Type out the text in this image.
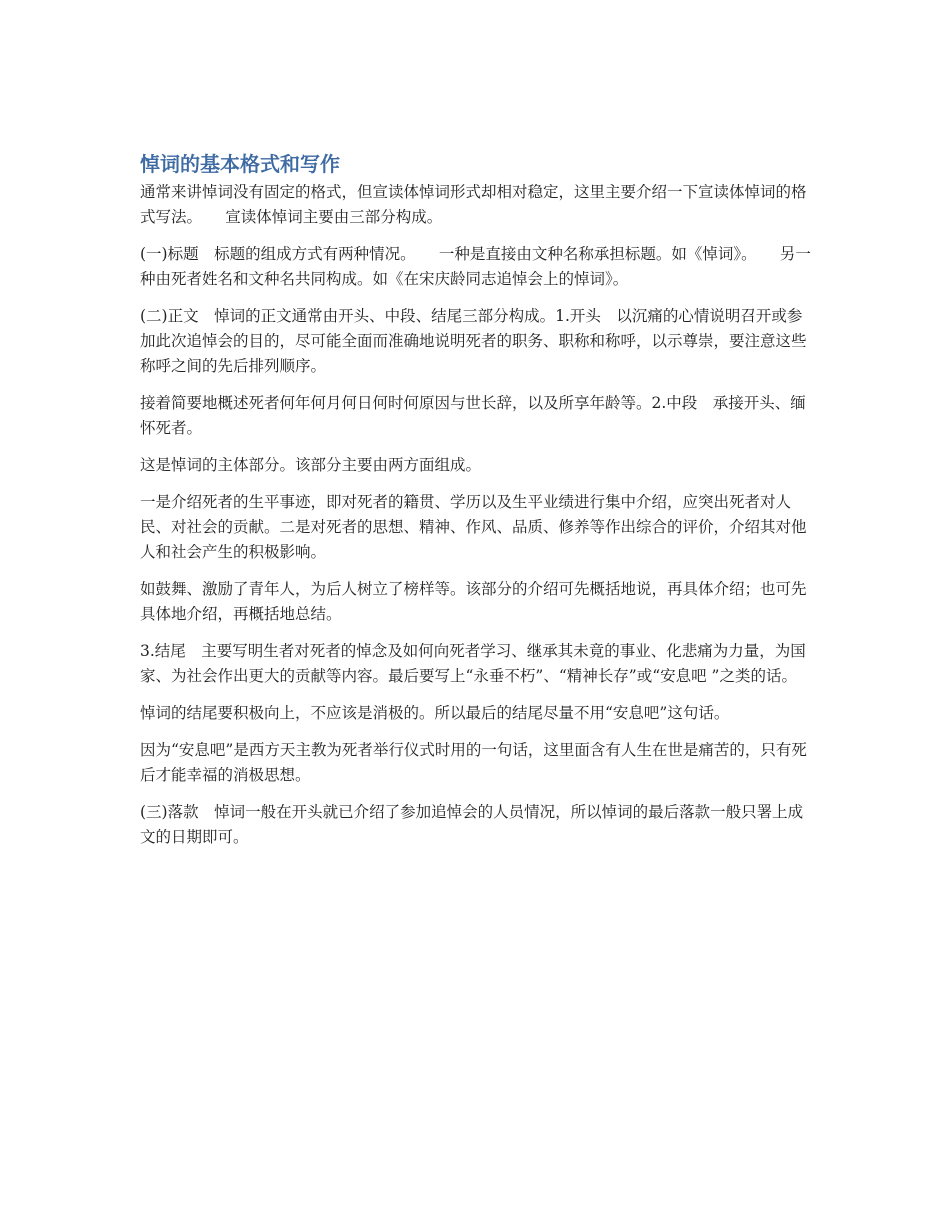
悼词的基本格式和写作

通常来讲悼词没有固定的格式，但宣读体悼词形式却相对稳定，这里主要介绍一下宣读体悼词的格式写法。　　宣读体悼词主要由三部分构成。

(一)标题　标题的组成方式有两种情况。　　一种是直接由文种名称承担标题。如《悼词》。　　另一种由死者姓名和文种名共同构成。如《在宋庆龄同志追悼会上的悼词》。

(二)正文　悼词的正文通常由开头、中段、结尾三部分构成。1.开头　以沉痛的心情说明召开或参加此次追悼会的目的，尽可能全面而准确地说明死者的职务、职称和称呼，以示尊崇，要注意这些称呼之间的先后排列顺序。

接着简要地概述死者何年何月何日何时何原因与世长辞，以及所享年龄等。2.中段　承接开头、缅怀死者。

这是悼词的主体部分。该部分主要由两方面组成。

一是介绍死者的生平事迹，即对死者的籍贯、学历以及生平业绩进行集中介绍，应突出死者对人民、对社会的贡献。二是对死者的思想、精神、作风、品质、修养等作出综合的评价，介绍其对他人和社会产生的积极影响。

如鼓舞、激励了青年人，为后人树立了榜样等。该部分的介绍可先概括地说，再具体介绍；也可先具体地介绍，再概括地总结。

3.结尾　主要写明生者对死者的悼念及如何向死者学习、继承其未竟的事业、化悲痛为力量，为国家、为社会作出更大的贡献等内容。最后要写上“永垂不朽”、“精神长存”或“安息吧 ”之类的话。

悼词的结尾要积极向上，不应该是消极的。所以最后的结尾尽量不用“安息吧”这句话。

因为“安息吧”是西方天主教为死者举行仪式时用的一句话，这里面含有人生在世是痛苦的，只有死后才能幸福的消极思想。

(三)落款　悼词一般在开头就已介绍了参加追悼会的人员情况，所以悼词的最后落款一般只署上成文的日期即可。
